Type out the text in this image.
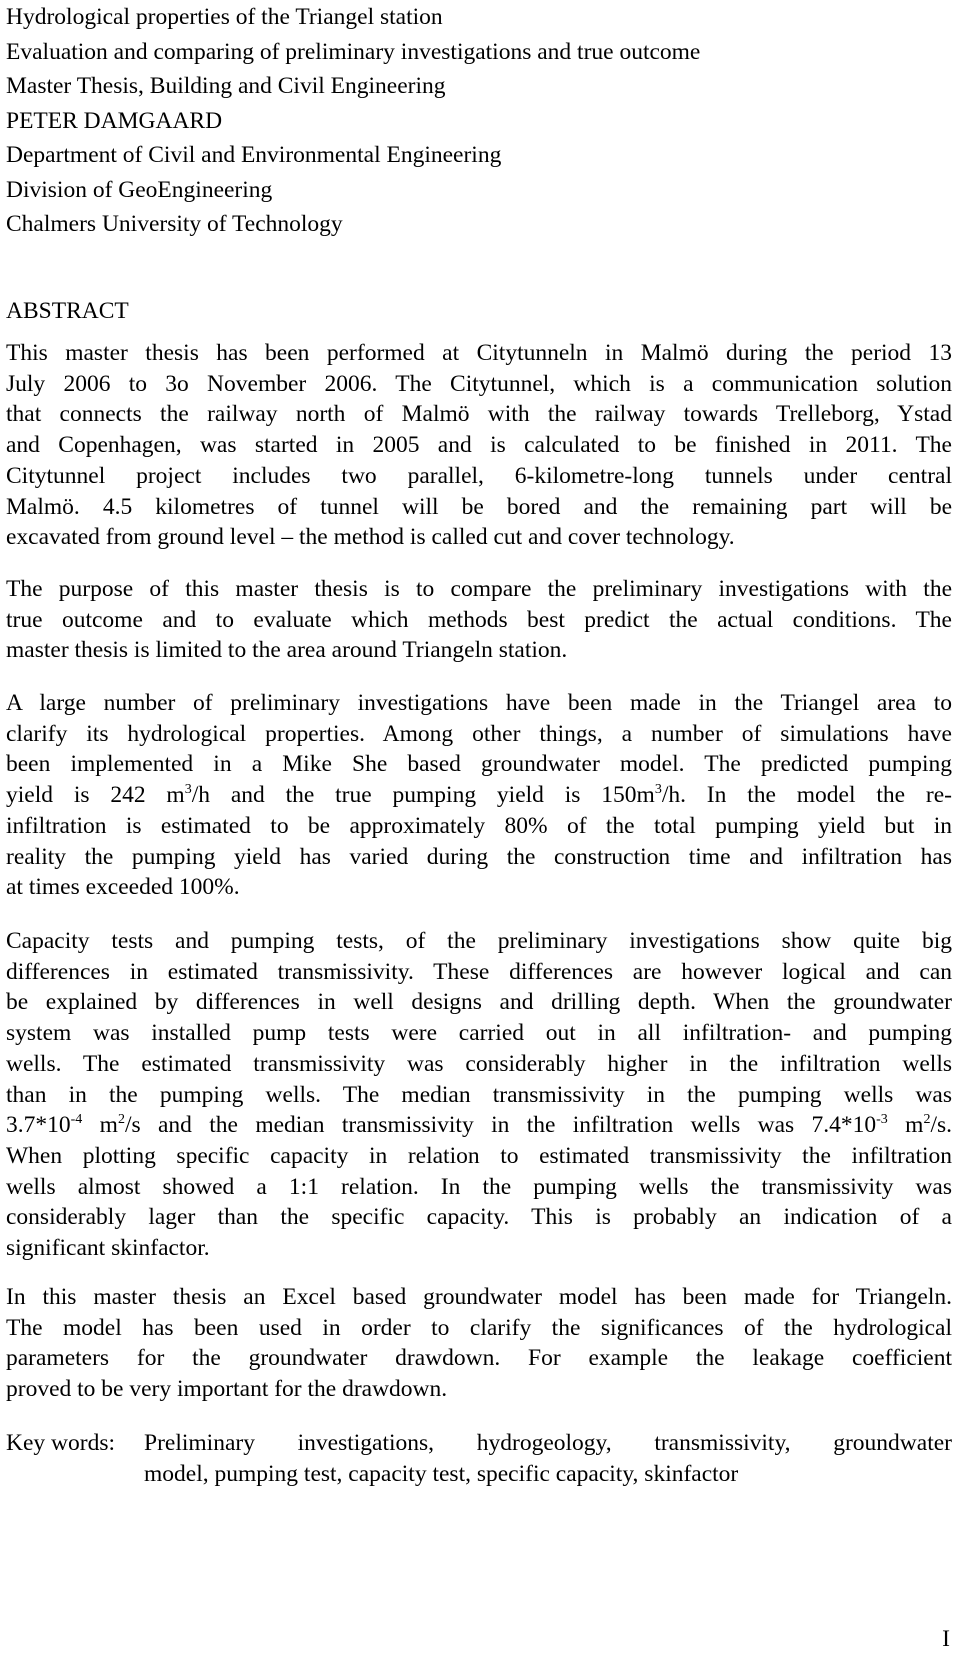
Hydrological properties of the Triangel station
Evaluation and comparing of preliminary investigations and true outcome
Master Thesis, Building and Civil Engineering
PETER DAMGAARD
Department of Civil and Environmental Engineering
Division of GeoEngineering
Chalmers University of Technology
ABSTRACT
This master thesis has been performed at Citytunneln in Malmö during the period 13
July 2006 to 3o November 2006. The Citytunnel, which is a communication solution
that connects the railway north of Malmö with the railway towards Trelleborg, Ystad
and Copenhagen, was started in 2005 and is calculated to be finished in 2011. The
Citytunnel project includes two parallel, 6-kilometre-long tunnels under central
Malmö. 4.5 kilometres of tunnel will be bored and the remaining part will be
excavated from ground level – the method is called cut and cover technology.
The purpose of this master thesis is to compare the preliminary investigations with the
true outcome and to evaluate which methods best predict the actual conditions. The
master thesis is limited to the area around Triangeln station.
A large number of preliminary investigations have been made in the Triangel area to
clarify its hydrological properties. Among other things, a number of simulations have
been implemented in a Mike She based groundwater model. The predicted pumping
yield is 242 $m^3/h$ and the true pumping yield is $150m^3/h$. In the model the re-
infiltration is estimated to be approximately 80% of the total pumping yield but in
reality the pumping yield has varied during the construction time and infiltration has
at times exceeded 100%.
Capacity tests and pumping tests, of the preliminary investigations show quite big
differences in estimated transmissivity. These differences are however logical and can
be explained by differences in well designs and drilling depth. When the groundwater
system was installed pump tests were carried out in all infiltration- and pumping
wells. The estimated transmissivity was considerably higher in the infiltration wells
than in the pumping wells. The median transmissivity in the pumping wells was
$3.7*10^{-4}$ $m^2/s$ and the median transmissivity in the infiltration wells was $7.4*10^{-3}$ $m^2/s$.
When plotting specific capacity in relation to estimated transmissivity the infiltration
wells almost showed a 1:1 relation. In the pumping wells the transmissivity was
considerably lager than the specific capacity. This is probably an indication of a
significant skinfactor.
In this master thesis an Excel based groundwater model has been made for Triangeln.
The model has been used in order to clarify the significances of the hydrological
parameters for the groundwater drawdown. For example the leakage coefficient
proved to be very important for the drawdown.
Key words: Preliminary investigations, hydrogeology, transmissivity, groundwater
model, pumping test, capacity test, specific capacity, skinfactor
I
